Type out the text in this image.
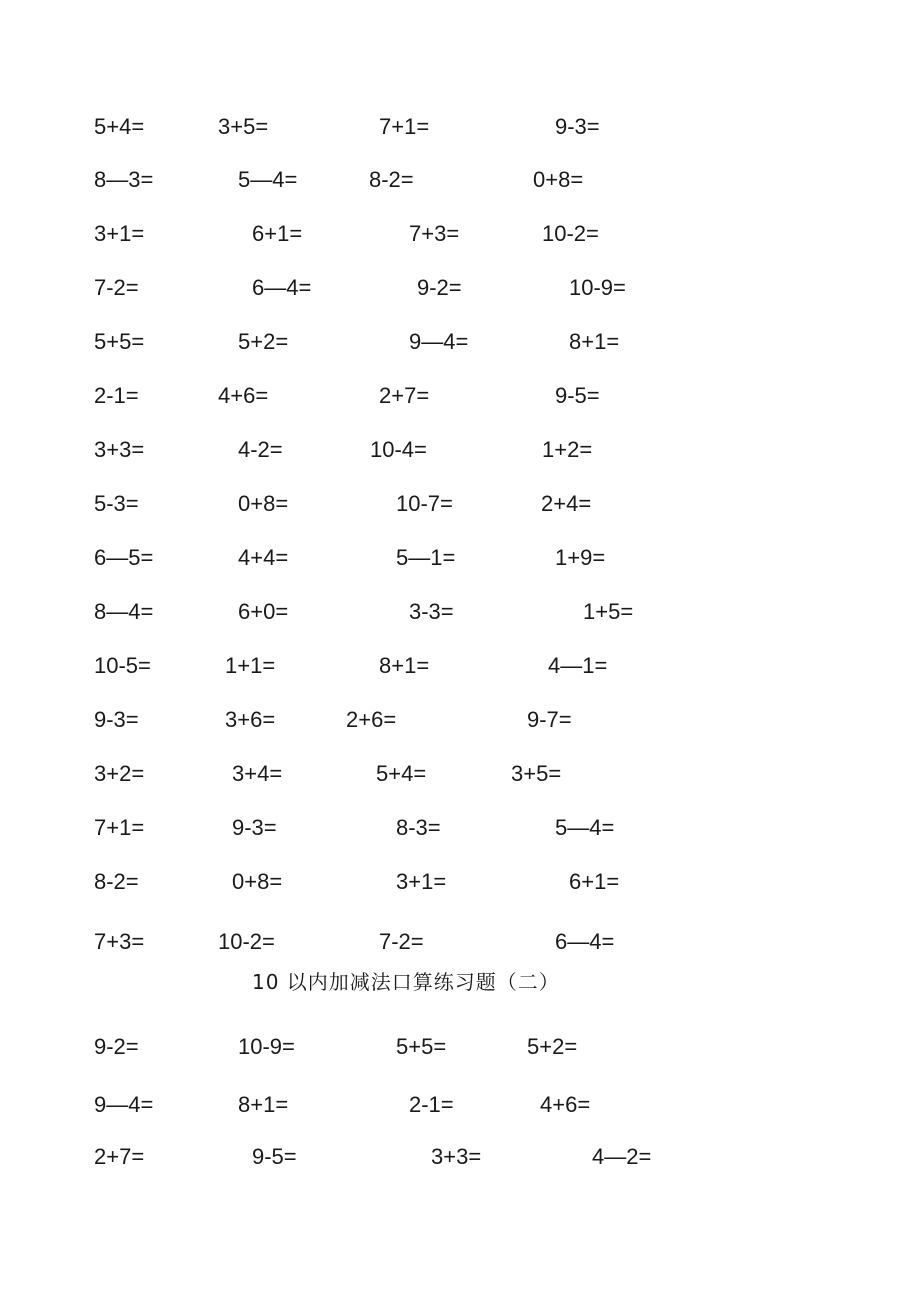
5+4=	3+5=	7+1=	9-3=
8—3=	5—4=	8-2=	0+8=
3+1=	6+1=	7+3=	10-2=
7-2=	6—4=	9-2=	10-9=
5+5=	5+2=	9—4=	8+1=
2-1=	4+6=	2+7=	9-5=
3+3=	4-2=	10-4=	1+2=
5-3=	0+8=	10-7=	2+4=
6—5=	4+4=	5—1=	1+9=
8—4=	6+0=	3-3=	1+5=
10-5=	1+1=	8+1=	4—1=
9-3=	3+6=	2+6=	9-7=
3+2=	3+4=	5+4=	3+5=
7+1=	9-3=	8-3=	5—4=
8-2=	0+8=	3+1=	6+1=
7+3=	10-2=	7-2=	6—4=
10 以内加减法口算练习题（二）
9-2=	10-9=	5+5=	5+2=
9—4=	8+1=	2-1=	4+6=
2+7=	9-5=	3+3=	4—2=
